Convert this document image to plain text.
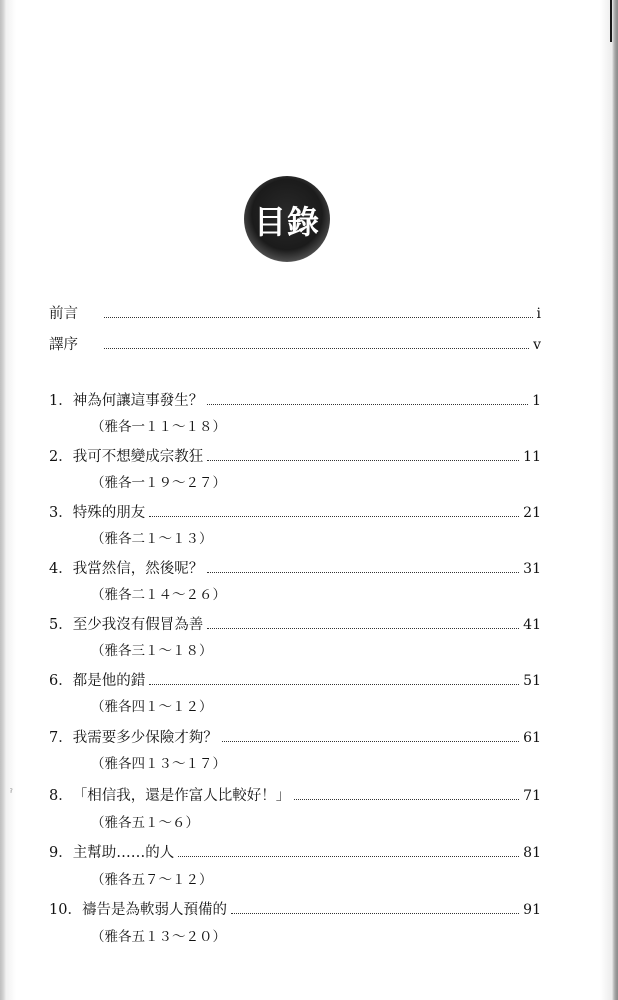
ˀ
目錄
前言	i
譯序	v
1． 神為何讓這事發生？	1
（雅各一１１～１８）
2． 我可不想變成宗教狂	11
（雅各一１９～２７）
3． 特殊的朋友	21
（雅各二１～１３）
4． 我當然信，然後呢？	31
（雅各二１４～２６）
5． 至少我沒有假冒為善	41
（雅各三１～１８）
6． 都是他的錯	51
（雅各四１～１２）
7． 我需要多少保險才夠？	61
（雅各四１３～１７）
8． 「相信我，還是作富人比較好！」	71
（雅各五１～６）
9． 主幫助……的人	81
（雅各五７～１２）
10． 禱告是為軟弱人預備的	91
（雅各五１３～２０）
